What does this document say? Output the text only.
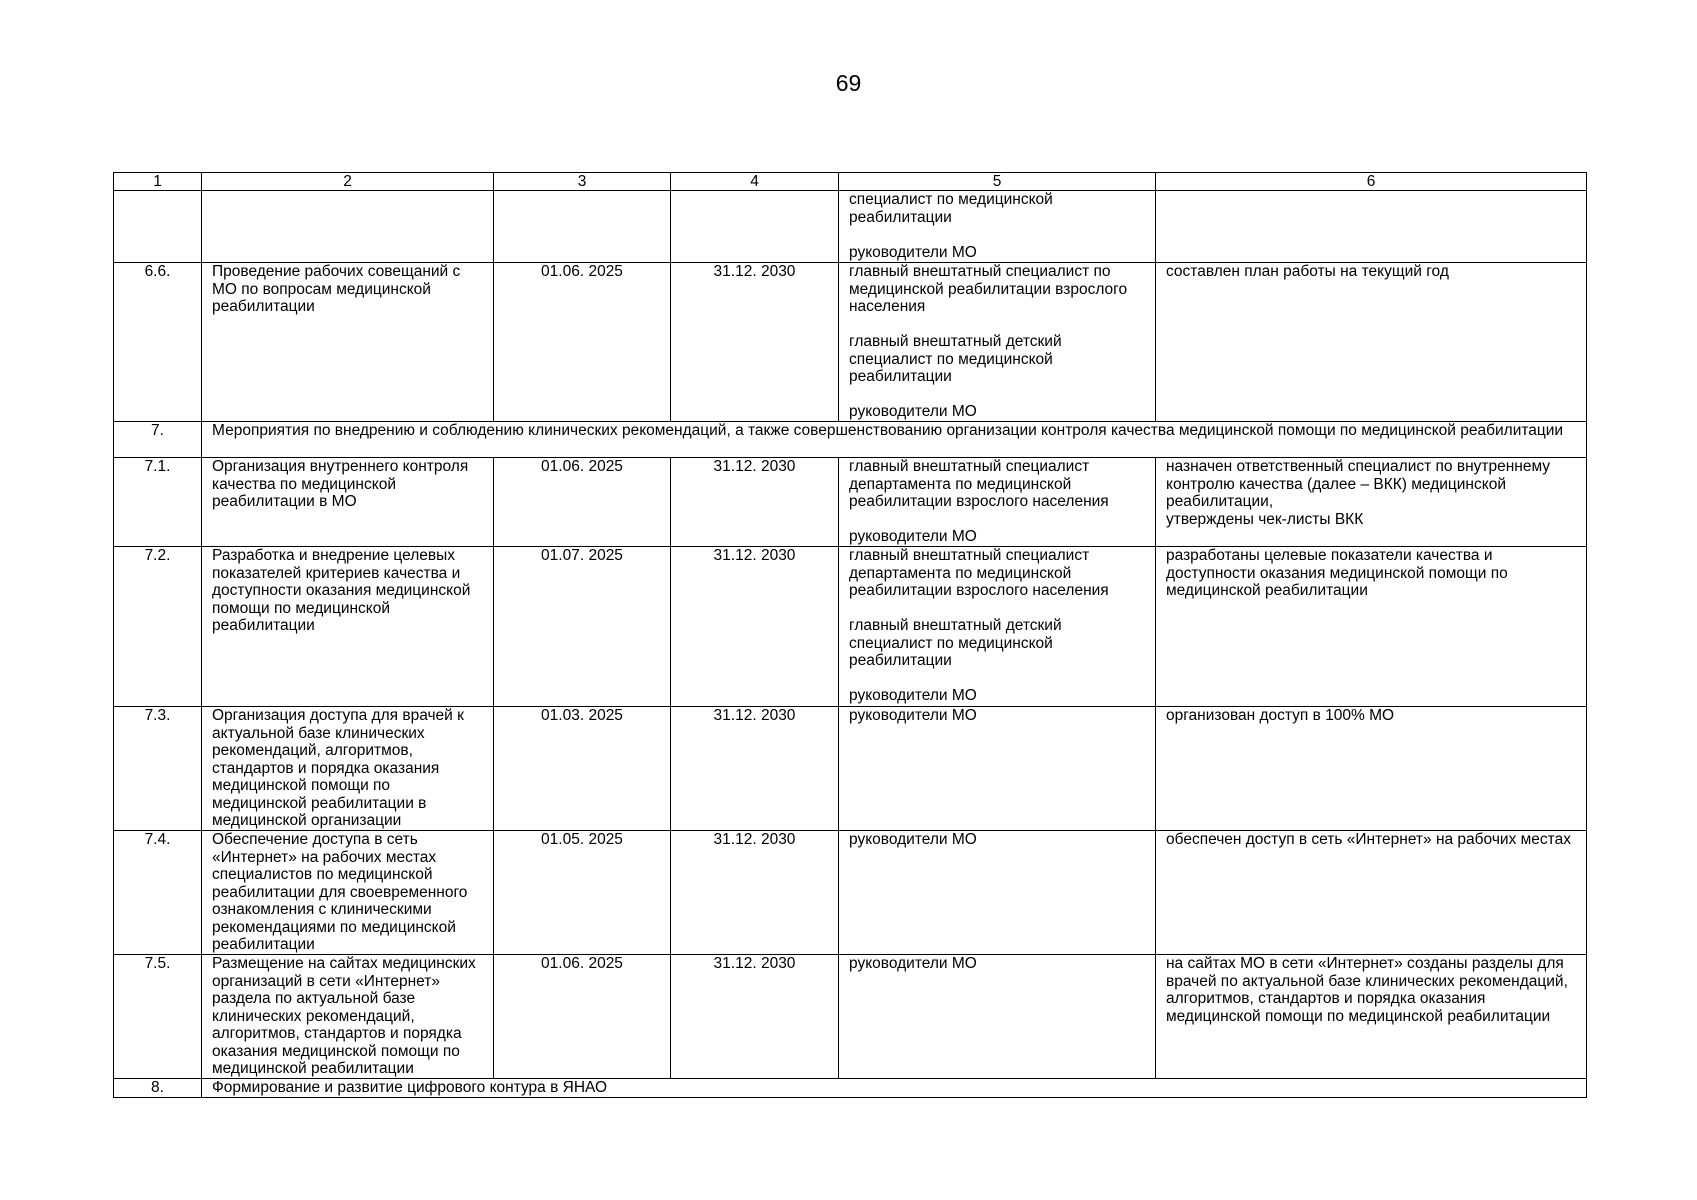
69
1	2	3	4	5	6
				специалист по медицинской
реабилитации

руководители МО	
6.6.	Проведение рабочих совещаний с МО по вопросам медицинской реабилитации	01.06. 2025	31.12. 2030	главный внештатный специалист по медицинской реабилитации взрослого населения

главный внештатный детский специалист по медицинской реабилитации

руководители МО	составлен план работы на текущий год
7.	Мероприятия по внедрению и соблюдению клинических рекомендаций, а также совершенствованию организации контроля качества медицинской помощи по медицинской реабилитации				
7.1.	Организация внутреннего контроля качества по медицинской реабилитации в МО	01.06. 2025	31.12. 2030	главный внештатный специалист департамента по медицинской реабилитации взрослого населения

руководители МО	назначен ответственный специалист по внутреннему контролю качества (далее – ВКК) медицинской реабилитации,
утверждены чек-листы ВКК
7.2.	Разработка и внедрение целевых показателей критериев качества и доступности оказания медицинской помощи по медицинской реабилитации	01.07. 2025	31.12. 2030	главный внештатный специалист департамента по медицинской реабилитации взрослого населения

главный внештатный детский специалист по медицинской реабилитации

руководители МО	разработаны целевые показатели качества и доступности оказания медицинской помощи по медицинской реабилитации
7.3.	Организация доступа для врачей к актуальной базе клинических рекомендаций, алгоритмов, стандартов и порядка оказания медицинской помощи по медицинской реабилитации в медицинской организации	01.03. 2025	31.12. 2030	руководители МО	организован доступ в 100% МО
7.4.	Обеспечение доступа в сеть «Интернет» на рабочих местах специалистов по медицинской реабилитации для своевременного ознакомления с клиническими рекомендациями по медицинской реабилитации	01.05. 2025	31.12. 2030	руководители МО	обеспечен доступ в сеть «Интернет» на рабочих местах
7.5.	Размещение на сайтах медицинских организаций в сети «Интернет» раздела по актуальной базе клинических рекомендаций, алгоритмов, стандартов и порядка оказания медицинской помощи по медицинской реабилитации	01.06. 2025	31.12. 2030	руководители МО	на сайтах МО в сети «Интернет» созданы разделы для врачей по актуальной базе клинических рекомендаций, алгоритмов, стандартов и порядка оказания медицинской помощи по медицинской реабилитации
8.	Формирование и развитие цифрового контура в ЯНАО				
